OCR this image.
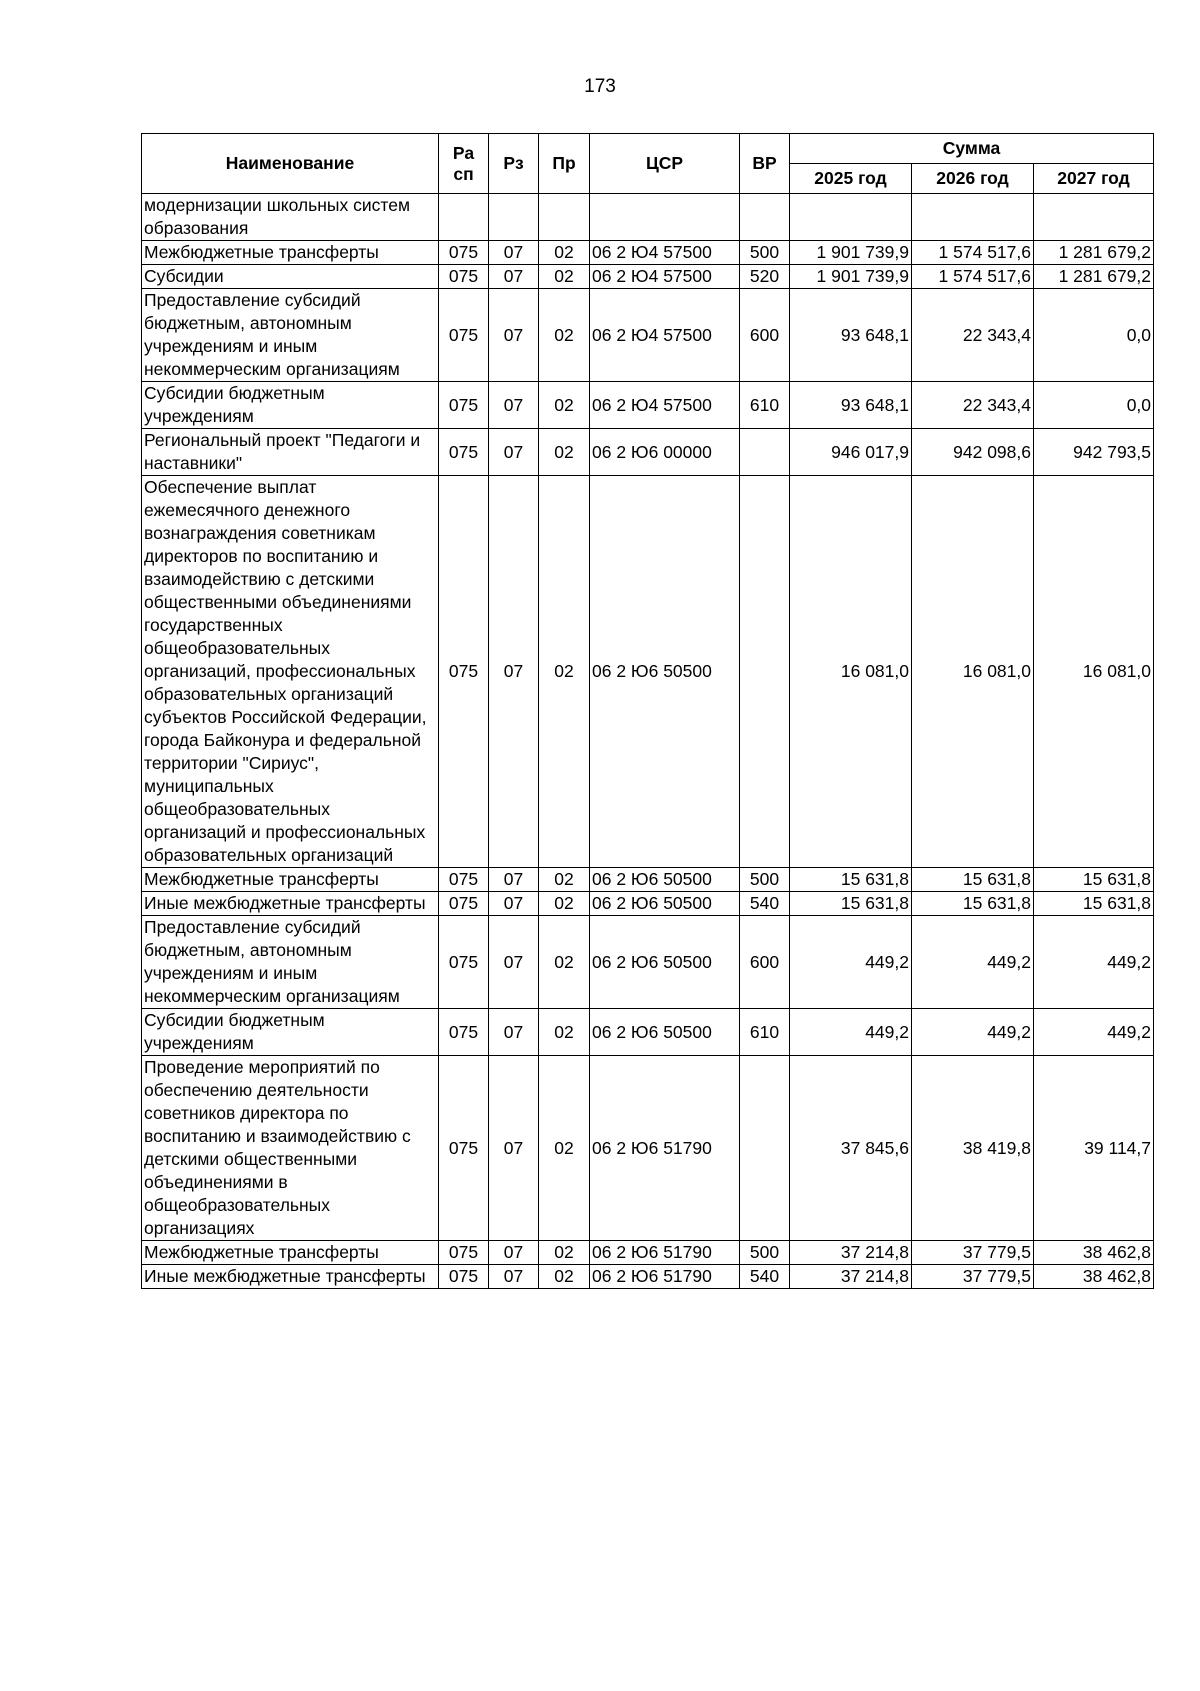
173
Наименование	Ра сп	Рз	Пр	ЦСР	ВР	Сумма		
						2025 год	2026 год	2027 год
модернизации школьных систем образования								
Межбюджетные трансферты	075	07	02	06 2 Ю4 57500	500	1 901 739,9	1 574 517,6	1 281 679,2
Субсидии	075	07	02	06 2 Ю4 57500	520	1 901 739,9	1 574 517,6	1 281 679,2
Предоставление субсидий бюджетным, автономным учреждениям и иным некоммерческим организациям	075	07	02	06 2 Ю4 57500	600	93 648,1	22 343,4	0,0
Субсидии бюджетным учреждениям	075	07	02	06 2 Ю4 57500	610	93 648,1	22 343,4	0,0
Региональный проект "Педагоги и наставники"	075	07	02	06 2 Ю6 00000		946 017,9	942 098,6	942 793,5
Обеспечение выплат ежемесячного денежного вознаграждения советникам директоров по воспитанию и взаимодействию с детскими общественными объединениями государственных общеобразовательных организаций, профессиональных образовательных организаций субъектов Российской Федерации, города Байконура и федеральной территории "Сириус", муниципальных общеобразовательных организаций и профессиональных образовательных организаций	075	07	02	06 2 Ю6 50500		16 081,0	16 081,0	16 081,0
Межбюджетные трансферты	075	07	02	06 2 Ю6 50500	500	15 631,8	15 631,8	15 631,8
Иные межбюджетные трансферты	075	07	02	06 2 Ю6 50500	540	15 631,8	15 631,8	15 631,8
Предоставление субсидий бюджетным, автономным учреждениям и иным некоммерческим организациям	075	07	02	06 2 Ю6 50500	600	449,2	449,2	449,2
Субсидии бюджетным учреждениям	075	07	02	06 2 Ю6 50500	610	449,2	449,2	449,2
Проведение мероприятий по обеспечению деятельности советников директора по воспитанию и взаимодействию с детскими общественными объединениями в общеобразовательных организациях	075	07	02	06 2 Ю6 51790		37 845,6	38 419,8	39 114,7
Межбюджетные трансферты	075	07	02	06 2 Ю6 51790	500	37 214,8	37 779,5	38 462,8
Иные межбюджетные трансферты	075	07	02	06 2 Ю6 51790	540	37 214,8	37 779,5	38 462,8
